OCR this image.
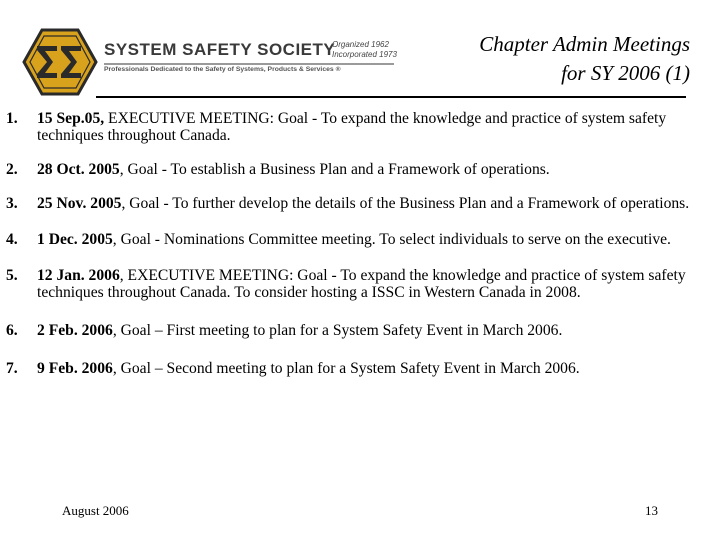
SYSTEM SAFETY SOCIETY
Organized 1962
Incorporated 1973
Professionals Dedicated to the Safety of Systems, Products & Services ®
Chapter Admin Meetings
for SY 2006 (1)
1. 15 Sep.05, EXECUTIVE MEETING: Goal - To expand the knowledge and practice of system safety techniques throughout Canada.
2. 28 Oct. 2005, Goal - To establish a Business Plan and a Framework of operations.
3. 25 Nov. 2005, Goal - To further develop the details of the Business Plan and a Framework of operations.
4. 1 Dec. 2005, Goal - Nominations Committee meeting. To select individuals to serve on the executive.
5. 12 Jan. 2006, EXECUTIVE MEETING: Goal - To expand the knowledge and practice of system safety techniques throughout Canada. To consider hosting a ISSC in Western Canada in 2008.
6. 2 Feb. 2006, Goal – First meeting to plan for a System Safety Event in March 2006.
7. 9 Feb. 2006, Goal – Second meeting to plan for a System Safety Event in March 2006.
August 2006	13
